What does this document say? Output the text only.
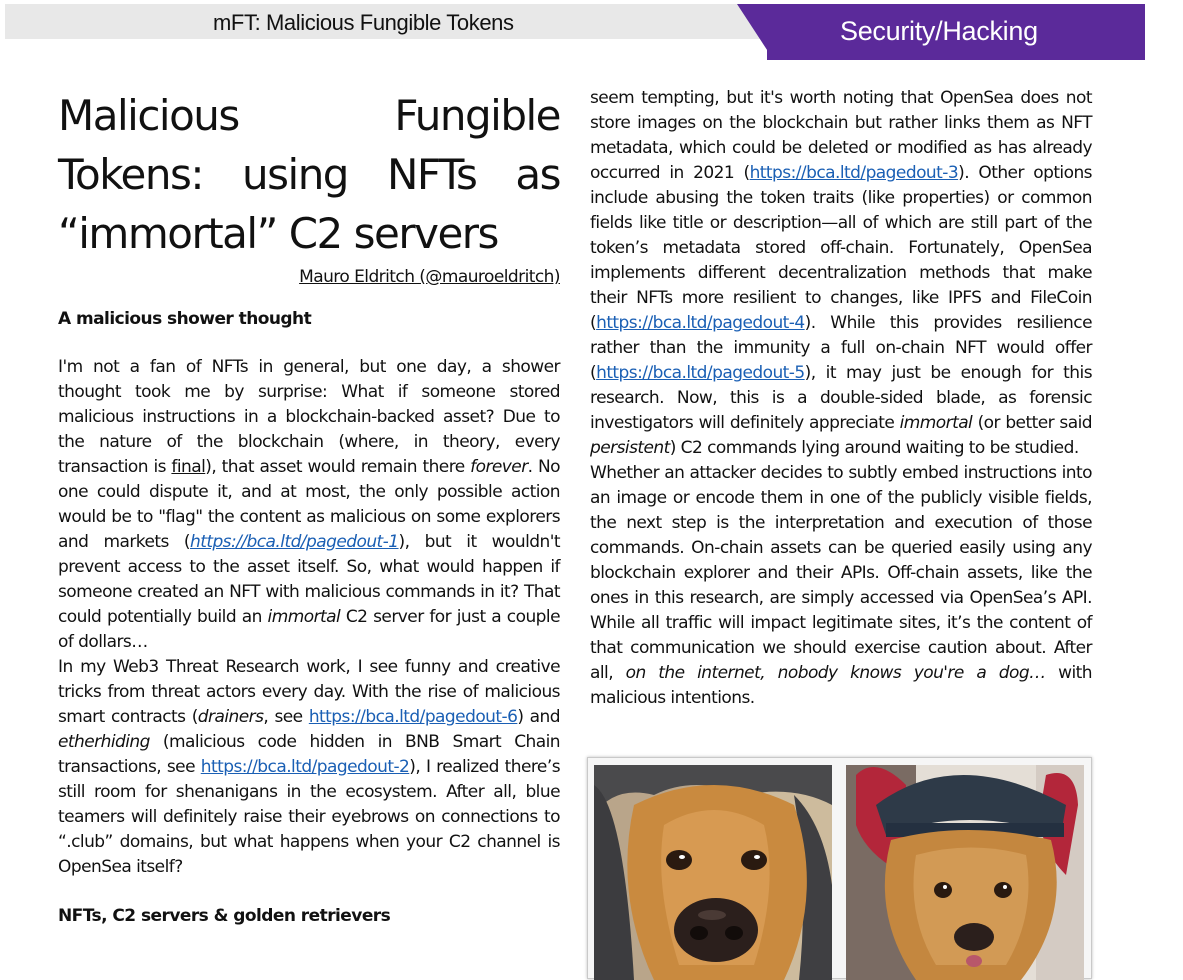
mFT: Malicious Fungible Tokens	Security/Hacking
Malicious Fungible Tokens: using NFTs as “immortal” C2 servers
Mauro Eldritch (@mauroeldritch)
A malicious shower thought

I'm not a fan of NFTs in general, but one day, a shower thought took me by surprise: What if someone stored malicious instructions in a blockchain-backed asset? Due to the nature of the blockchain (where, in theory, every transaction is final), that asset would remain there forever. No one could dispute it, and at most, the only possible action would be to "flag" the content as malicious on some explorers and markets (https://bca.ltd/pagedout-1), but it wouldn't prevent access to the asset itself. So, what would happen if someone created an NFT with malicious commands in it? That could potentially build an immortal C2 server for just a couple of dollars…

In my Web3 Threat Research work, I see funny and creative tricks from threat actors every day. With the rise of malicious smart contracts (drainers, see https://bca.ltd/pagedout-6) and etherhiding (malicious code hidden in BNB Smart Chain transactions, see https://bca.ltd/pagedout-2), I realized there’s still room for shenanigans in the ecosystem. After all, blue teamers will definitely raise their eyebrows on connections to “.club” domains, but what happens when your C2 channel is OpenSea itself?

NFTs, C2 servers & golden retrievers

seem tempting, but it's worth noting that OpenSea does not store images on the blockchain but rather links them as NFT metadata, which could be deleted or modified as has already occurred in 2021 (https://bca.ltd/pagedout-3). Other options include abusing the token traits (like properties) or common fields like title or description—all of which are still part of the token’s metadata stored off-chain. Fortunately, OpenSea implements different decentralization methods that make their NFTs more resilient to changes, like IPFS and FileCoin (https://bca.ltd/pagedout-4). While this provides resilience rather than the immunity a full on-chain NFT would offer (https://bca.ltd/pagedout-5), it may just be enough for this research. Now, this is a double-sided blade, as forensic investigators will definitely appreciate immortal (or better said persistent) C2 commands lying around waiting to be studied.

Whether an attacker decides to subtly embed instructions into an image or encode them in one of the publicly visible fields, the next step is the interpretation and execution of those commands. On-chain assets can be queried easily using any blockchain explorer and their APIs. Off-chain assets, like the ones in this research, are simply accessed via OpenSea’s API. While all traffic will impact legitimate sites, it’s the content of that communication we should exercise caution about. After all, on the internet, nobody knows you're a dog… with malicious intentions.
